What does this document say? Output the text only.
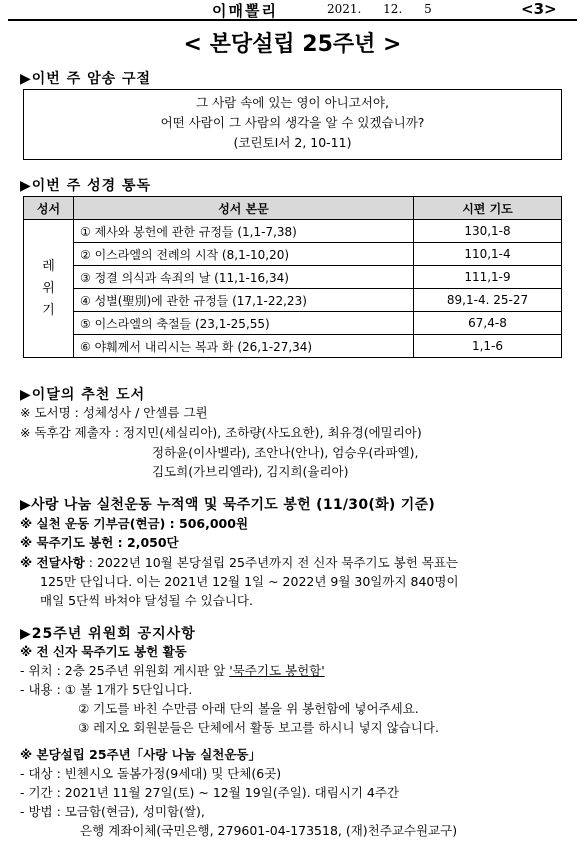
이매뽈리	2021. 12. 5	<3>
< 본당설립 25주년 >
▶이번 주 암송 구절
그 사람 속에 있는 영이 아니고서야,
어떤 사람이 그 사람의 생각을 알 수 있겠습니까?
(코린토Ⅰ서 2, 10-11)
▶이번 주 성경 통독
성서	성서 본문	시편 기도

레위기	① 제사와 봉헌에 관한 규정들 (1,1-7,38)	130,1-8
	② 이스라엘의 전례의 시작 (8,1-10,20)	110,1-4
	③ 정결 의식과 속죄의 날 (11,1-16,34)	111,1-9
	④ 성별(聖別)에 관한 규정들 (17,1-22,23)	89,1-4. 25-27
	⑤ 이스라엘의 축절들 (23,1-25,55)	67,4-8
	⑥ 야훼께서 내리시는 복과 화 (26,1-27,34)	1,1-6
▶이달의 추천 도서
※ 도서명 : 성체성사 / 안셀름 그륀
※ 독후감 제출자 : 정지민(세실리아), 조하량(사도요한), 최유경(에밀리아)
정하윤(이사벨라), 조안나(안나), 엄승우(라파엘),
김도희(가브리엘라), 김지희(율리아)
▶사랑 나눔 실천운동 누적액 및 묵주기도 봉헌 (11/30(화) 기준)
※ 실천 운동 기부금(현금) : 506,000원
※ 묵주기도 봉헌 : 2,050단
※ 전달사항 : 2022년 10월 본당설립 25주년까지 전 신자 묵주기도 봉헌 목표는
125만 단입니다. 이는 2021년 12월 1일 ~ 2022년 9월 30일까지 840명이
매일 5단씩 바쳐야 달성될 수 있습니다.
▶25주년 위원회 공지사항
※ 전 신자 묵주기도 봉헌 활동
- 위치 : 2층 25주년 위원회 게시판 앞 '묵주기도 봉헌함'
- 내용 : ① 볼 1개가 5단입니다.
② 기도를 바친 수만큼 아래 단의 볼을 위 봉헌함에 넣어주세요.
③ 레지오 회원분들은 단체에서 활동 보고를 하시니 넣지 않습니다.
※ 본당설립 25주년「사랑 나눔 실천운동」
- 대상 : 빈첸시오 돌봄가정(9세대) 및 단체(6곳)
- 기간 : 2021년 11월 27일(토) ~ 12월 19일(주일). 대림시기 4주간
- 방법 : 모금함(현금), 성미함(쌀),
은행 계좌이체(국민은행, 279601-04-173518, (재)천주교수원교구)
